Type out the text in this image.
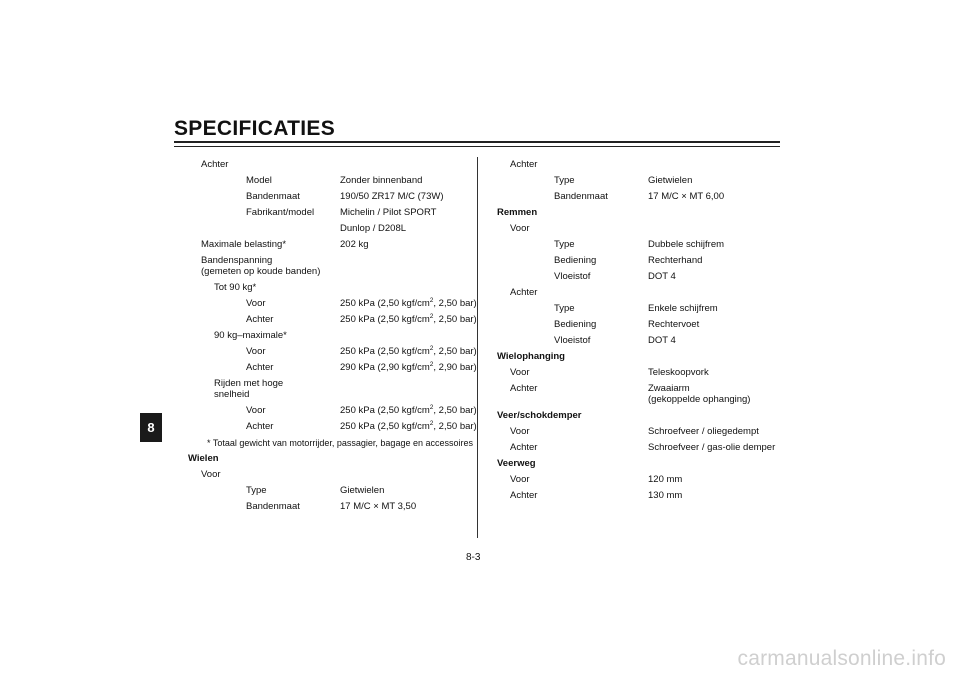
SPECIFICATIES
8
Achter
Model	Zonder binnenband
Bandenmaat	190/50 ZR17 M/C (73W)
Fabrikant/model	Michelin / Pilot SPORT
Dunlop / D208L
Maximale belasting*	202 kg
Bandenspanning
(gemeten op koude banden)
Tot 90 kg*
Voor	250 kPa (2,50 kgf/$cm^2$, 2,50 bar)
Achter	250 kPa (2,50 kgf/$cm^2$, 2,50 bar)
90 kg–maximale*
Voor	250 kPa (2,50 kgf/$cm^2$, 2,50 bar)
Achter	290 kPa (2,90 kgf/$cm^2$, 2,90 bar)
Rijden met hoge
snelheid
Voor	250 kPa (2,50 kgf/$cm^2$, 2,50 bar)
Achter	250 kPa (2,50 kgf/$cm^2$, 2,50 bar)
* Totaal gewicht van motorrijder, passagier, bagage en accessoires
Wielen
Voor
Type	Gietwielen
Bandenmaat	17 M/C × MT 3,50
Achter
Type	Gietwielen
Bandenmaat	17 M/C × MT 6,00
Remmen
Voor
Type	Dubbele schijfrem
Bediening	Rechterhand
Vloeistof	DOT 4
Achter
Type	Enkele schijfrem
Bediening	Rechtervoet
Vloeistof	DOT 4
Wielophanging
Voor	Teleskoopvork
Achter	Zwaaiarm
(gekoppelde ophanging)
Veer/schokdemper
Voor	Schroefveer / oliegedempt
Achter	Schroefveer / gas-olie demper
Veerweg
Voor	120 mm
Achter	130 mm
8-3
carmanualsonline.info
